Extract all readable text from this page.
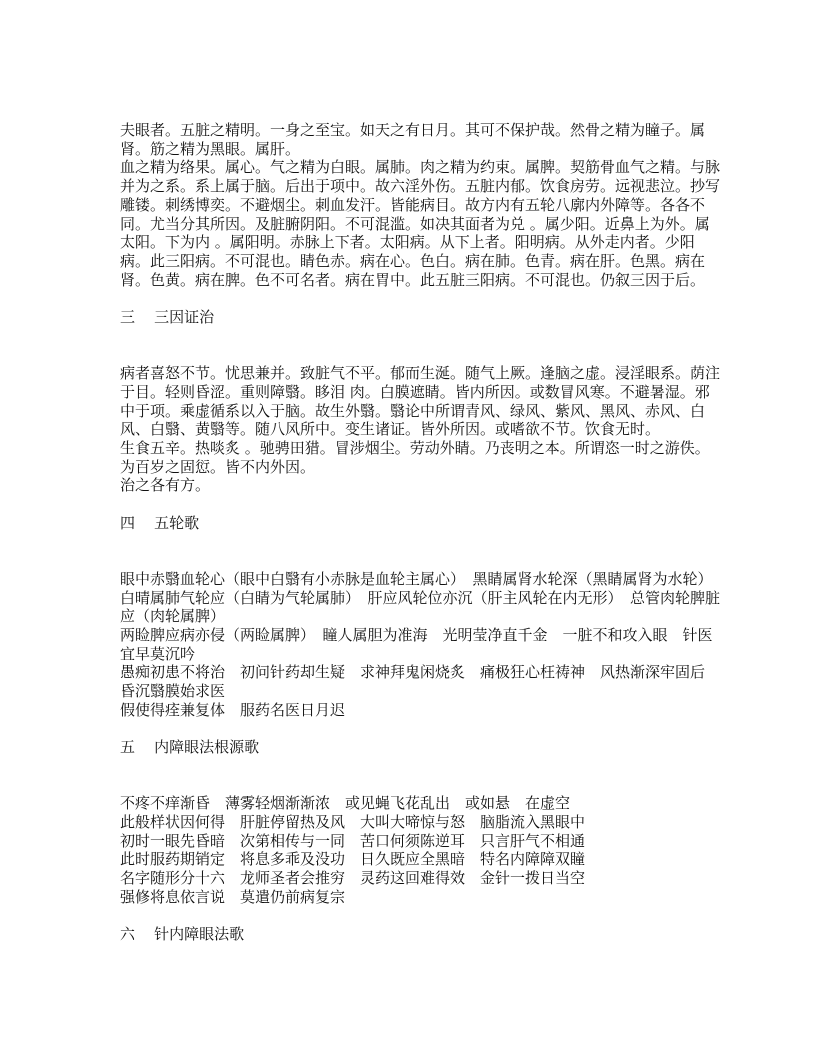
夫眼者。五脏之精明。一身之至宝。如天之有日月。其可不保护哉。然骨之精为瞳子。属肾。筋之精为黑眼。属肝。

血之精为络果。属心。气之精为白眼。属肺。肉之精为约束。属脾。契筋骨血气之精。与脉并为之系。系上属于脑。后出于项中。故六淫外伤。五脏内郁。饮食房劳。远视悲泣。抄写雕镂。刺绣博奕。不避烟尘。刺血发汗。皆能病目。故方内有五轮八廓内外障等。各各不同。尤当分其所因。及脏腑阴阳。不可混滥。如决其面者为兑 。属少阳。近鼻上为外。属太阳。下为内 。属阳明。赤脉上下者。太阳病。从下上者。阳明病。从外走内者。少阳病。此三阳病。不可混也。睛色赤。病在心。色白。病在肺。色青。病在肝。色黑。病在肾。色黄。病在脾。色不可名者。病在胃中。此五脏三阳病。不可混也。仍叙三因于后。

三 三因证治

病者喜怒不节。忧思兼并。致脏气不平。郁而生涎。随气上厥。逢脑之虚。浸淫眼系。荫注于目。轻则昏涩。重则障翳。眵泪 肉。白膜遮睛。皆内所因。或数冒风寒。不避暑湿。邪中于项。乘虚循系以入于脑。故生外翳。翳论中所谓青风、绿风、紫风、黑风、赤风、白风、白翳、黄翳等。随八风所中。变生诸证。皆外所因。或嗜欲不节。饮食无时。

生食五辛。热啖炙 。驰骋田猎。冒涉烟尘。劳动外睛。乃丧明之本。所谓恣一时之游佚。为百岁之固愆。皆不内外因。

治之各有方。

四 五轮歌

眼中赤翳血轮心（眼中白翳有小赤脉是血轮主属心）　黑睛属肾水轮深（黑睛属肾为水轮）

白晴属肺气轮应（白睛为气轮属肺）　肝应风轮位亦沉（肝主风轮在内无形）　总管肉轮脾脏应（肉轮属脾）

两睑脾应病亦侵（两睑属脾）　瞳人属胆为准海　光明莹净直千金　一脏不和攻入眼　针医宜早莫沉吟

愚痴初患不将治　初问针药却生疑　求神拜鬼闲烧炙　痛极狂心枉祷神　风热渐深牢固后　昏沉翳膜始求医

假使得痊兼复体　服药名医日月迟

五 内障眼法根源歌

不疼不痒渐昏　薄雾轻烟渐渐浓　或见蝇飞花乱出　或如悬　在虚空

此般样状因何得　肝脏停留热及风　大叫大啼惊与怒　脑脂流入黑眼中

初时一眼先昏暗　次第相传与一同　苦口何须陈逆耳　只言肝气不相通

此时服药期销定　将息多乖及没功　日久既应全黑暗　特名内障障双瞳

名字随形分十六　龙师圣者会推穷　灵药这回难得效　金针一拨日当空

强修将息依言说　莫遣仍前病复宗

六 针内障眼法歌
